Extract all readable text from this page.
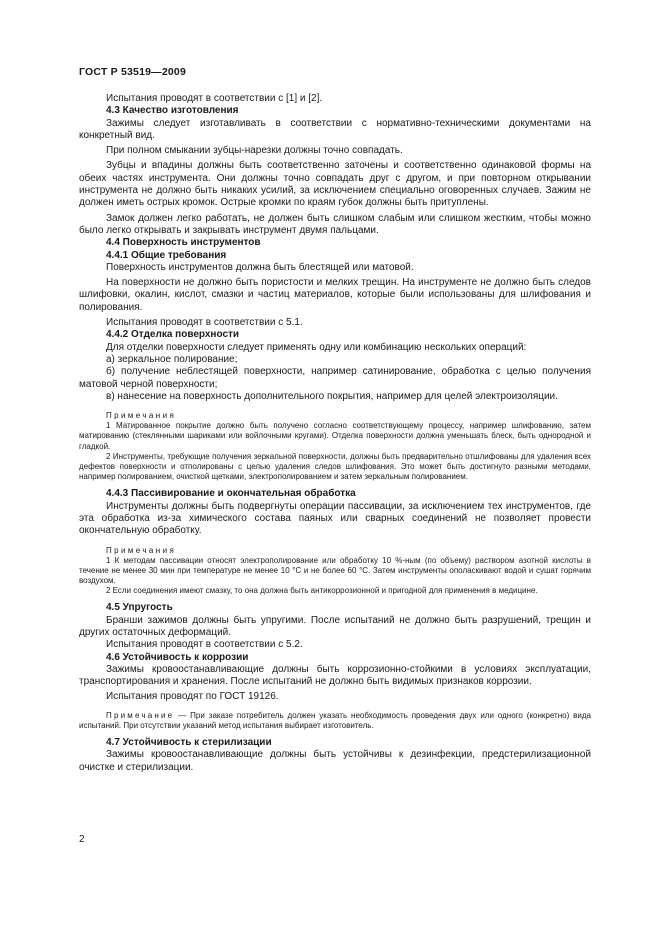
ГОСТ Р 53519—2009

Испытания проводят в соответствии с [1] и [2].

4.3 Качество изготовления

Зажимы следует изготавливать в соответствии с нормативно-техническими документами на конкретный вид.

При полном смыкании зубцы-нарезки должны точно совпадать.

Зубцы и впадины должны быть соответственно заточены и соответственно одинаковой формы на обеих частях инструмента. Они должны точно совпадать друг с другом, и при повторном открывании инструмента не должно быть никаких усилий, за исключением специально оговоренных случаев. Зажим не должен иметь острых кромок. Острые кромки по краям губок должны быть притуплены.

Замок должен легко работать, не должен быть слишком слабым или слишком жестким, чтобы можно было легко открывать и закрывать инструмент двумя пальцами.

4.4 Поверхность инструментов
4.4.1 Общие требования

Поверхность инструментов должна быть блестящей или матовой.

На поверхности не должно быть пористости и мелких трещин. На инструменте не должно быть следов шлифовки, окалин, кислот, смазки и частиц материалов, которые были использованы для шлифования и полирования.

Испытания проводят в соответствии с 5.1.

4.4.2 Отделка поверхности

Для отделки поверхности следует применять одну или комбинацию нескольких операций:

а) зеркальное полирование;

б) получение неблестящей поверхности, например сатинирование, обработка с целью получения матовой черной поверхности;

в) нанесение на поверхность дополнительного покрытия, например для целей электроизоляции.

Примечания

1 Матированное покрытие должно быть получено согласно соответствующему процессу, например шлифованию, затем матированию (стеклянными шариками или войлочными кругами). Отделка поверхности должна уменьшать блеск, быть однородной и гладкой.

2 Инструменты, требующие получения зеркальной поверхности, должны быть предварительно отшлифованы для удаления всех дефектов поверхности и отполированы с целью удаления следов шлифования. Это может быть достигнуто разными методами, например полированием, очисткой щетками, электрополированием и затем зеркальным полированием.

4.4.3 Пассивирование и окончательная обработка

Инструменты должны быть подвергнуты операции пассивации, за исключением тех инструментов, где эта обработка из-за химического состава паяных или сварных соединений не позволяет провести окончательную обработку.

Примечания

1 К методам пассивации относят электрополирование или обработку 10 %-ным (по объему) раствором азотной кислоты в течение не менее 30 мин при температуре не менее 10 °С и не более 60 °С. Затем инструменты ополаскивают водой и сушат горячим воздухом.

2 Если соединения имеют смазку, то она должна быть антикоррозионной и пригодной для применения в медицине.

4.5 Упругость

Бранши зажимов должны быть упругими. После испытаний не должно быть разрушений, трещин и других остаточных деформаций.

Испытания проводят в соответствии с 5.2.

4.6 Устойчивость к коррозии

Зажимы кровоостанавливающие должны быть коррозионно-стойкими в условиях эксплуатации, транспортирования и хранения. После испытаний не должно быть видимых признаков коррозии.

Испытания проводят по ГОСТ 19126.

Примечание — При заказе потребитель должен указать необходимость проведения двух или одного (конкретно) вида испытаний. При отсутствии указаний метод испытания выбирает изготовитель.

4.7 Устойчивость к стерилизации

Зажимы кровоостанавливающие должны быть устойчивы к дезинфекции, предстерилизационной очистке и стерилизации.

2
